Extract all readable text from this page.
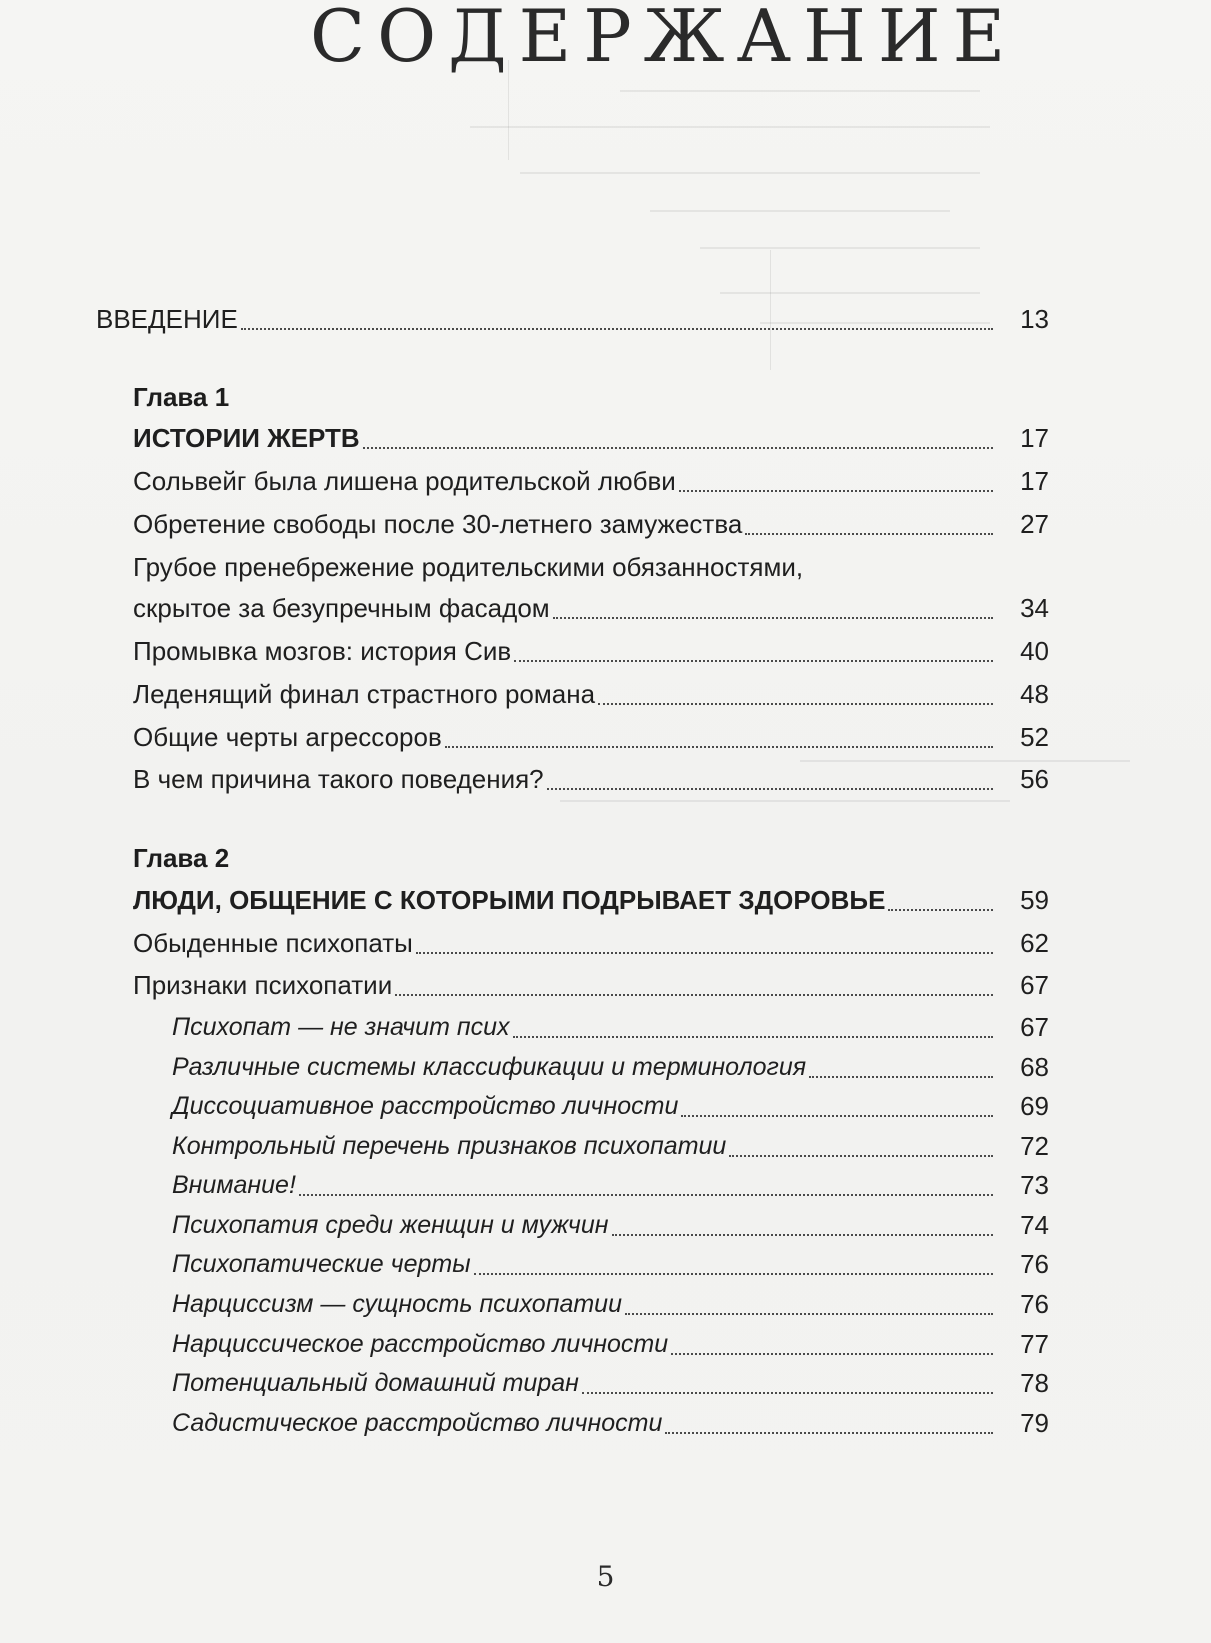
СОДЕРЖАНИЕ
ВВЕДЕНИЕ	13
Глава 1
ИСТОРИИ ЖЕРТВ	17
Сольвейг была лишена родительской любви	17
Обретение свободы после 30-летнего замужества	27
Грубое пренебрежение родительскими обязанностями,
скрытое за безупречным фасадом	34
Промывка мозгов: история Сив	40
Леденящий финал страстного романа	48
Общие черты агрессоров	52
В чем причина такого поведения?	56
Глава 2
ЛЮДИ, ОБЩЕНИЕ С КОТОРЫМИ ПОДРЫВАЕТ ЗДОРОВЬЕ	59
Обыденные психопаты	62
Признаки психопатии	67
Психопат — не значит псих	67
Различные системы классификации и терминология	68
Диссоциативное расстройство личности	69
Контрольный перечень признаков психопатии	72
Внимание!	73
Психопатия среди женщин и мужчин	74
Психопатические черты	76
Нарциссизм — сущность психопатии	76
Нарциссическое расстройство личности	77
Потенциальный домашний тиран	78
Садистическое расстройство личности	79
5
